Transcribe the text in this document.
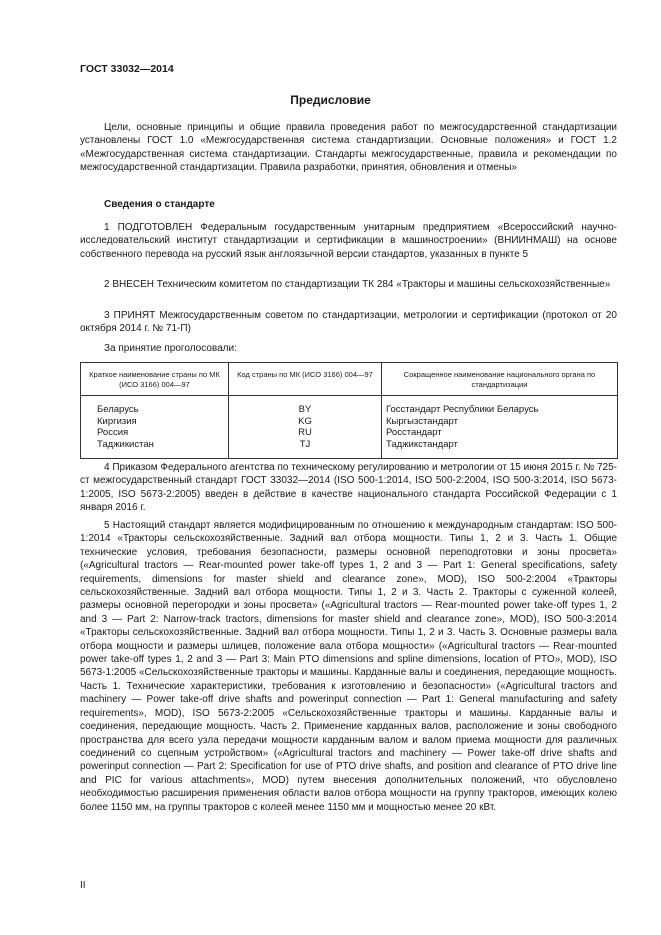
ГОСТ 33032—2014
Предисловие

Цели, основные принципы и общие правила проведения работ по межгосударственной стандартизации установлены ГОСТ 1.0 «Межгосударственная система стандартизации. Основные положения» и ГОСТ 1.2 «Межгосударственная система стандартизации. Стандарты межгосударственные, правила и рекомендации по межгосударственной стандартизации. Правила разработки, принятия, обновления и отмены»

Сведения о стандарте

1 ПОДГОТОВЛЕН Федеральным государственным унитарным предприятием «Всероссийский научно-исследовательский институт стандартизации и сертификации в машиностроении» (ВНИИНМАШ) на основе собственного перевода на русский язык англоязычной версии стандартов, указанных в пункте 5

2 ВНЕСЕН Техническим комитетом по стандартизации ТК 284 «Тракторы и машины сельскохозяйственные»

3 ПРИНЯТ Межгосударственным советом по стандартизации, метрологии и сертификации (протокол от 20 октября 2014 г. № 71-П)

За принятие проголосовали:
Краткое наименование страны по МК (ИСО 3166) 004—97	Код страны по МК (ИСО 3166) 004—97	Сокращенное наименование национального органа по стандартизации
Беларусь	BY	Госстандарт Республики Беларусь
Киргизия	KG	Кыргызстандарт
Россия	RU	Росстандарт
Таджикистан	TJ	Таджикстандарт

4 Приказом Федерального агентства по техническому регулированию и метрологии от 15 июня 2015 г. № 725-ст межгосударственный стандарт ГОСТ 33032—2014 (ISO 500-1:2014, ISO 500-2:2004, ISO 500-3:2014, ISO 5673-1:2005, ISO 5673-2:2005) введен в действие в качестве национального стандарта Российской Федерации с 1 января 2016 г.

5 Настоящий стандарт является модифицированным по отношению к международным стандартам: ISO 500-1:2014 «Тракторы сельскохозяйственные. Задний вал отбора мощности. Типы 1, 2 и 3. Часть 1. Общие технические условия, требования безопасности, размеры основной переподготовки и зоны просвета» («Agricultural tractors — Rear-mounted power take-off types 1, 2 and 3 — Part 1: General specifications, safety requirements, dimensions for master shield and clearance zone», MOD), ISO 500-2:2004 «Тракторы сельскохозяйственные. Задний вал отбора мощности. Типы 1, 2 и 3. Часть 2. Тракторы с суженной колеей, размеры основной перегородки и зоны просвета» («Agricultural tractors — Rear-mounted power take-off types 1, 2 and 3 — Part 2: Narrow-track tractors, dimensions for master shield and clearance zone», MOD), ISO 500-3:2014 «Тракторы сельскохозяйственные. Задний вал отбора мощности. Типы 1, 2 и 3. Часть 3. Основные размеры вала отбора мощности и размеры шлицев, положение вала отбора мощности» («Agricultural tractors — Rear-mounted power take-off types 1, 2 and 3 — Part 3: Main PTO dimensions and spline dimensions, location of PTO», MOD), ISO 5673-1:2005 «Сельскохозяйственные тракторы и машины. Карданные валы и соединения, передающие мощность. Часть 1. Технические характеристики, требования к изготовлению и безопасности» («Agricultural tractors and machinery — Power take-off drive shafts and powerinput connection — Part 1: General manufacturing and safety requirements», MOD), ISO 5673-2:2005 «Сельскохозяйственные тракторы и машины. Карданные валы и соединения, передающие мощность. Часть 2. Применение карданных валов, расположение и зоны свободного пространства для всего узла передачи мощности карданным валом и валом приема мощности для различных соединений со сцепным устройством» («Agricultural tractors and machinery — Power take-off drive shafts and powerinput connection — Part 2: Specification for use of PTO drive shafts, and position and clearance of PTO drive line and PIC for various attachments», MOD) путем внесения дополнительных положений, что обусловлено необходимостью расширения применения области валов отбора мощности на группу тракторов, имеющих колею более 1150 мм, на группы тракторов с колеей менее 1150 мм и мощностью менее 20 кВт.

II
